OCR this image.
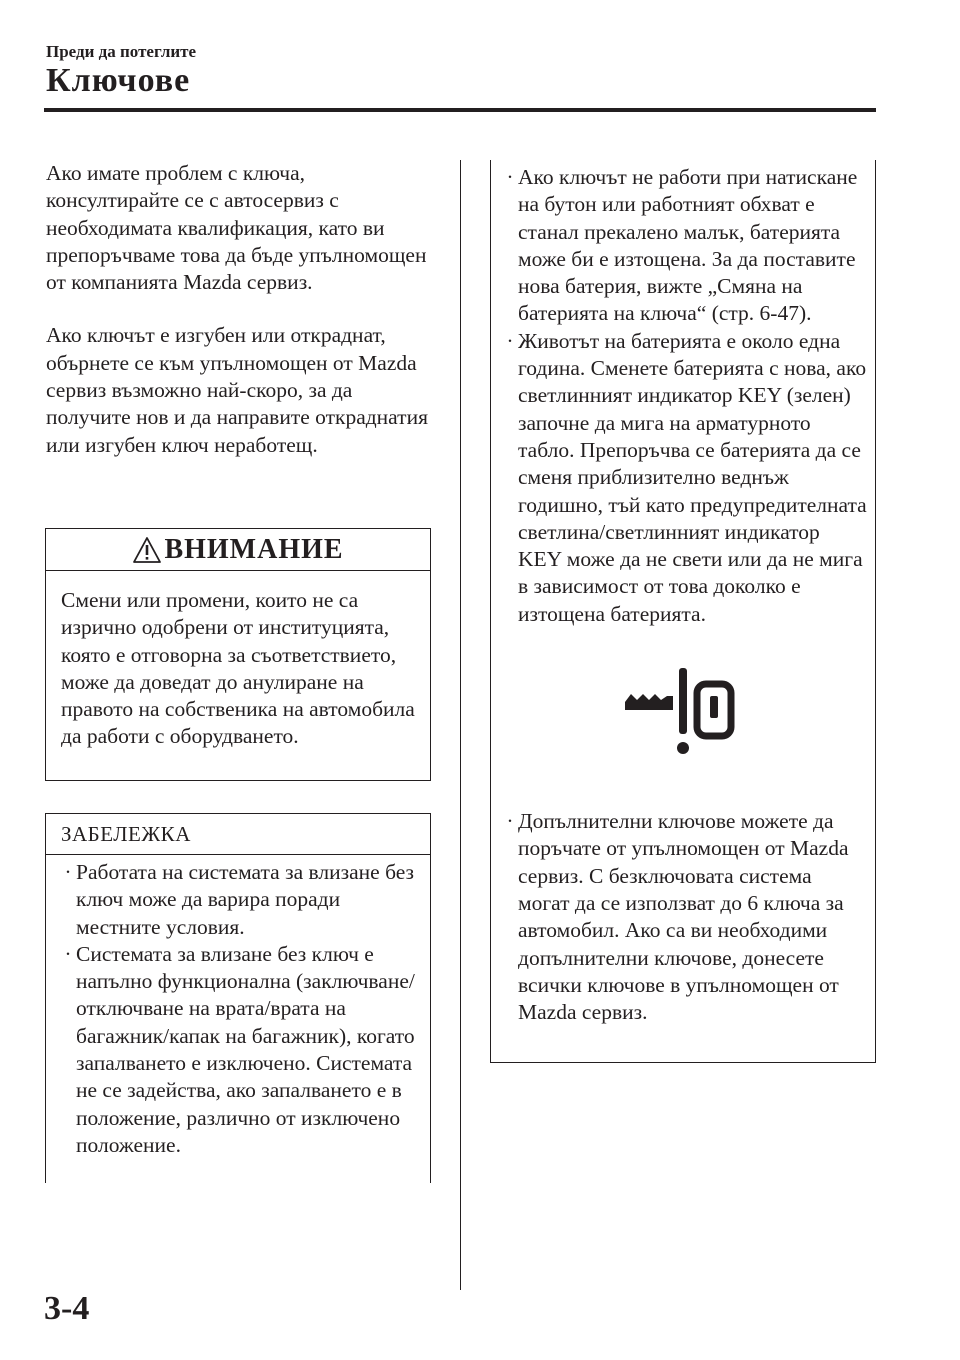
Преди да потеглите
Ключове

Ако имате проблем с ключа, консултирайте се с автосервиз с необходимата квалификация, като ви препоръчваме това да бъде упълномощен от компанията Mazda сервиз.

Ако ключът е изгубен или откраднат, обърнете се към упълномощен от Mazda сервиз възможно най-скоро, за да получите нов и да направите откраднатия или изгубен ключ неработещ.

ВНИМАНИЕ

Смени или промени, които не са изрично одобрени от институцията, която е отговорна за съответствието, може да доведат до анулиране на правото на собственика на автомобила да работи с оборудването.

ЗАБЕЛЕЖКА
· Работата на системата за влизане без ключ може да варира поради местните условия.

· Системата за влизане без ключ е напълно функционална (заключване/отключване на врата/врата на багажник/капак на багажник), когато запалването е изключено. Системата не се задейства, ако запалването е в положение, различно от изключено положение.

· Ако ключът не работи при натискане на бутон или работният обхват е станал прекалено малък, батерията може би е изтощена. За да поставите нова батерия, вижте „Смяна на батерията на ключа“ (стр. 6-47).

· Животът на батерията е около една година. Сменете батерията с нова, ако светлинният индикатор KEY (зелен) започне да мига на арматурното табло. Препоръчва се батерията да се сменя приблизително веднъж годишно, тъй като предупредителната светлина/светлинният индикатор KEY може да не свети или да не мига в зависимост от това доколко е изтощена батерията.

· Допълнителни ключове можете да поръчате от упълномощен от Mazda сервиз. С безключовата система могат да се използват до 6 ключа за автомобил. Ако са ви необходими допълнителни ключове, донесете всички ключове в упълномощен от Mazda сервиз.

3-4
